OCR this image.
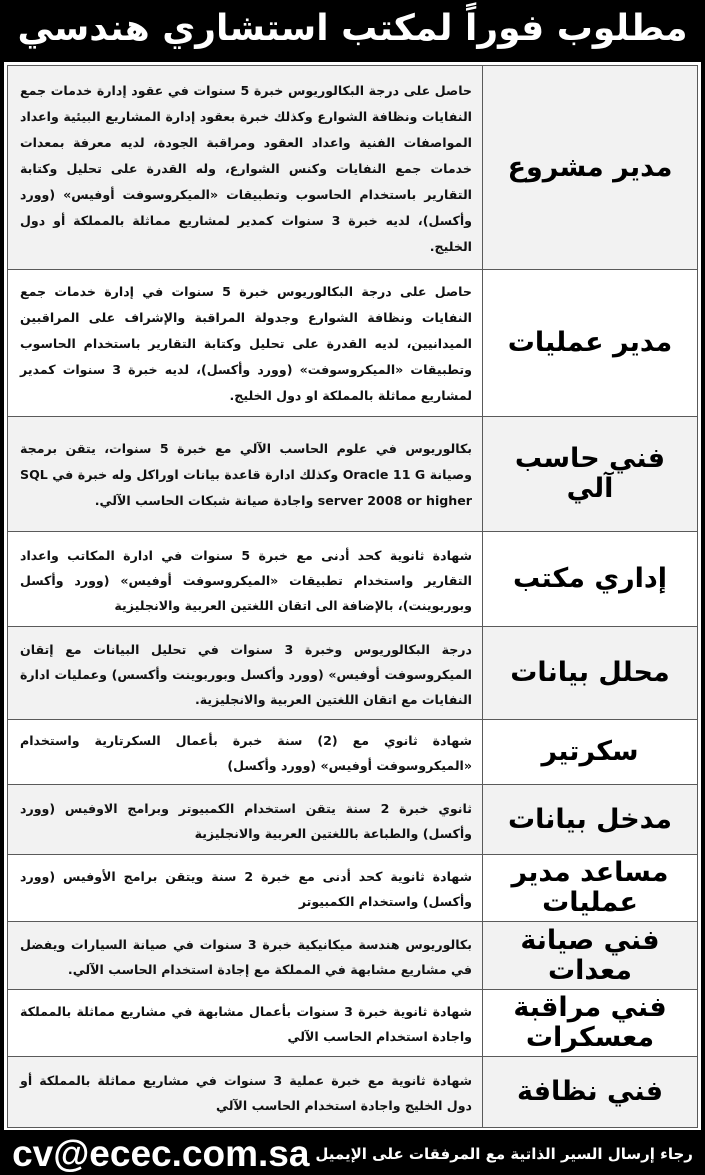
مطلوب فوراً لمكتب استشاري هندسي
مدير مشروع	حاصل على درجة البكالوريوس خبرة 5 سنوات في عقود إدارة خدمات جمع النفايات ونظافة الشوارع وكذلك خبرة بعقود إدارة المشاريع البيئية واعداد المواصفات الفنية واعداد العقود ومراقبة الجودة، لديه معرفة بمعدات خدمات جمع النفايات وكنس الشوارع، وله القدرة على تحليل وكتابة التقارير باستخدام الحاسوب وتطبيقات «الميكروسوفت أوفيس» (وورد وأكسل)، لديه خبرة 3 سنوات كمدير لمشاريع مماثلة بالمملكة أو دول الخليج.
مدير عمليات	حاصل على درجة البكالوريوس خبرة 5 سنوات في إدارة خدمات جمع النفايات ونظافة الشوارع وجدولة المراقبة والإشراف على المراقبين الميدانيين، لديه القدرة على تحليل وكتابة التقارير باستخدام الحاسوب وتطبيقات «الميكروسوفت» (وورد وأكسل)، لديه خبرة 3 سنوات كمدير لمشاريع مماثلة بالمملكة او دول الخليج.
فني حاسب آلي	بكالوريوس في علوم الحاسب الآلي مع خبرة 5 سنوات، يتقن برمجة وصيانة Oracle 11 G وكذلك ادارة قاعدة بيانات اوراكل وله خبرة في SQL server 2008 or higher واجادة صيانة شبكات الحاسب الآلي.
إداري مكتب	شهادة ثانوية كحد أدنى مع خبرة 5 سنوات في ادارة المكاتب واعداد التقارير واستخدام تطبيقات «الميكروسوفت أوفيس» (وورد وأكسل وبوربوينت)، بالإضافة الى اتقان اللغتين العربية والانجليزية
محلل بيانات	درجة البكالوريوس وخبرة 3 سنوات في تحليل البيانات مع إتقان الميكروسوفت أوفيس» (وورد وأكسل وبوربوينت وأكسس) وعمليات ادارة النفايات مع اتقان اللغتين العربية والانجليزية.
سكرتير	شهادة ثانوي مع (2) سنة خبرة بأعمال السكرتارية واستخدام «الميكروسوفت أوفيس» (وورد وأكسل)
مدخل بيانات	ثانوي خبرة 2 سنة يتقن استخدام الكمبيوتر وبرامج الاوفيس (وورد وأكسل) والطباعة باللغتين العربية والانجليزية
مساعد مدير عمليات	شهادة ثانوية كحد أدنى مع خبرة 2 سنة ويتقن برامج الأوفيس (وورد وأكسل) واستخدام الكمبيوتر
فني صيانة معدات	بكالوريوس هندسة ميكانيكية خبرة 3 سنوات في صيانة السيارات ويفضل في مشاريع مشابهة في المملكة مع إجادة استخدام الحاسب الآلي.
فني مراقبة معسكرات	شهادة ثانوية خبرة 3 سنوات بأعمال مشابهة في مشاريع مماثلة بالمملكة واجادة استخدام الحاسب الآلي
فني نظافة	شهادة ثانوية مع خبرة عملية 3 سنوات في مشاريع مماثلة بالمملكة أو دول الخليج واجادة استخدام الحاسب الآلي
رجاء إرسال السير الذاتية مع المرفقات على الإيميل
cv@ecec.com.sa
